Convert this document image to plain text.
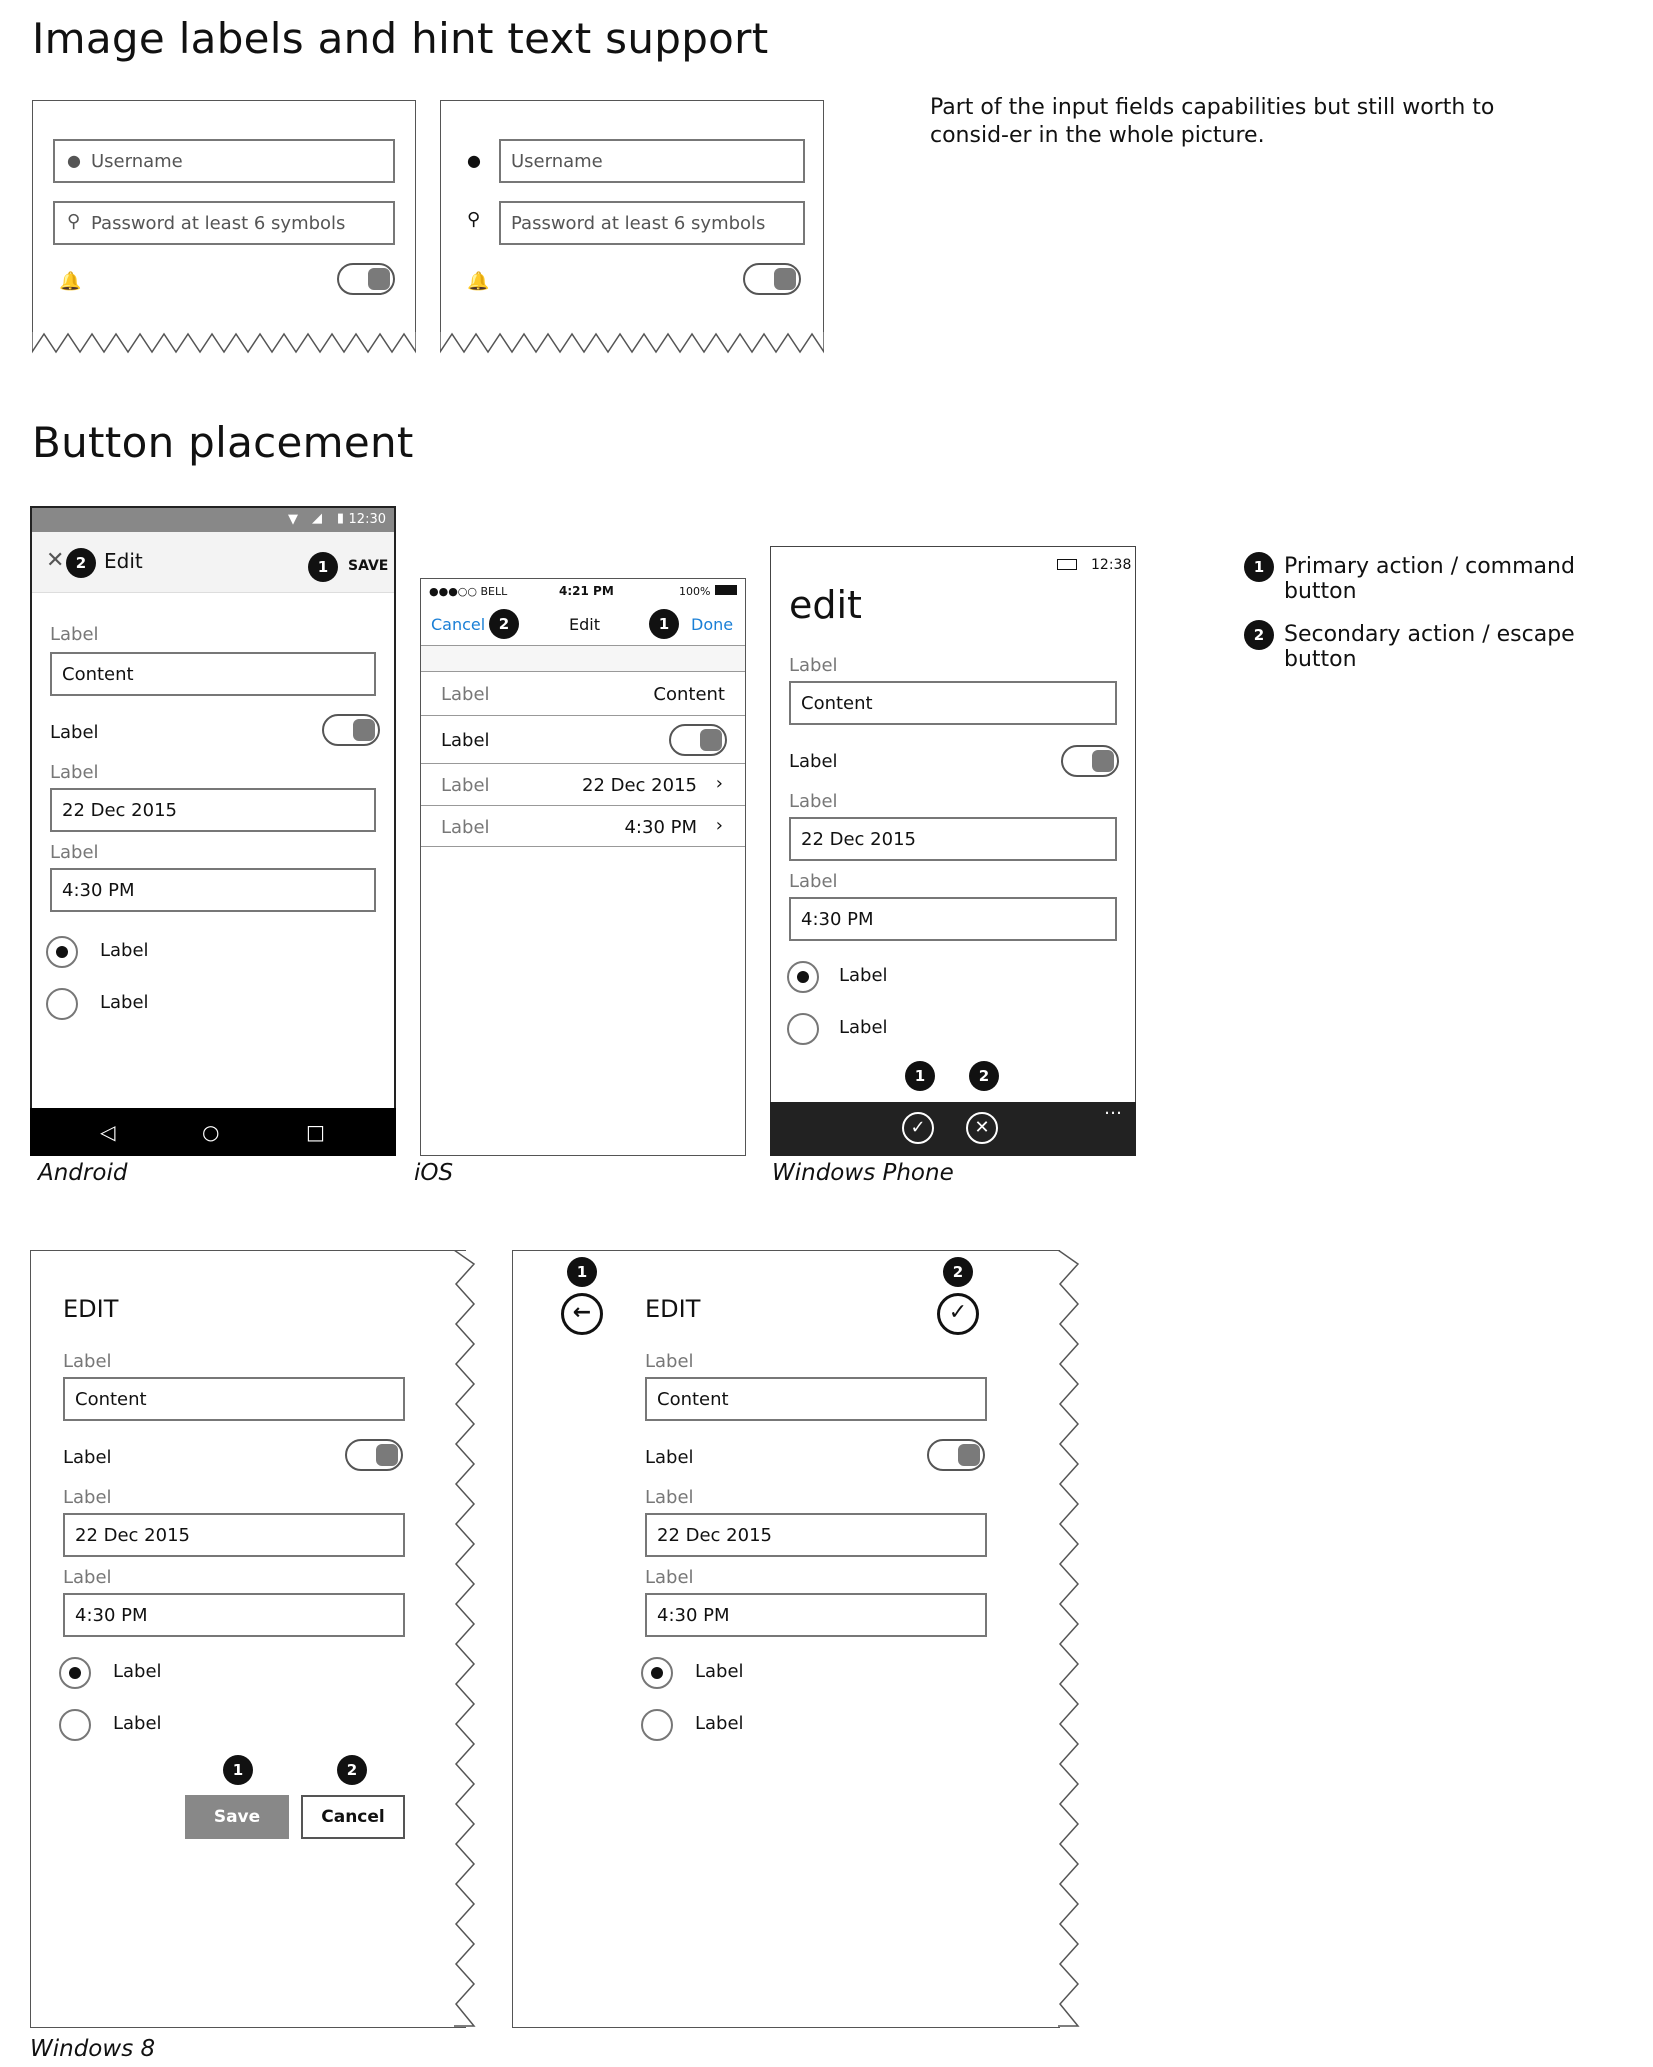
Image labels and hint text support
● Username
⚲ Password at least 6 symbols
🔔
●	Username
⚲	Password at least 6 symbols
🔔
Part of the input fields capabilities but still worth to consid-er in the whole picture.
Button placement
1 Primary action / command button
2 Secondary action / escape button
▼ ◢ ▮ 12:30
✕ 2 Edit	1	SAVE
Label
Content
Label
Label
22 Dec 2015
Label
4:30 PM
Label
Label
◁	○	□
Android
●●●○○ BELL	4:21 PM	100%
Cancel 2	Edit	1	Done
Label	Content
Label
Label	22 Dec 2015 ›
Label	4:30 PM ›
iOS
12:38
edit
Label
Content
Label
Label
22 Dec 2015
Label
4:30 PM
Label
Label
1	2
✓	✕
…
Windows Phone
EDIT
Label
Content
Label
Label
22 Dec 2015
Label
4:30 PM
Label
Label
1	2
Save	Cancel
1
←	EDIT
2
✓
Label
Content
Label
Label
22 Dec 2015
Label
4:30 PM
Label
Label
Windows 8
